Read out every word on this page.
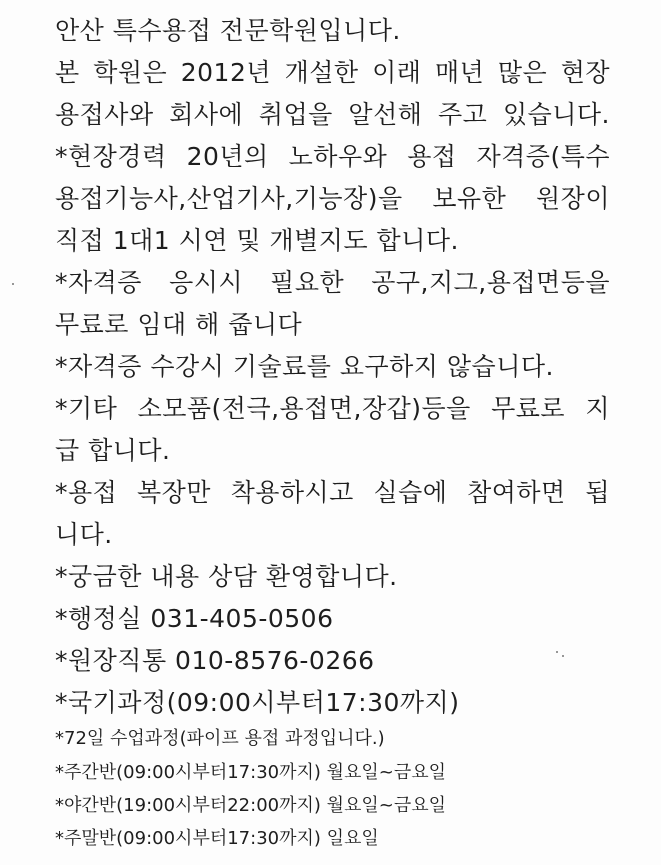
안산 특수용접 전문학원입니다.
본 학원은 2012년 개설한 이래 매년 많은 현장
용접사와 회사에 취업을 알선해 주고 있습니다.
*현장경력 20년의 노하우와 용접 자격증(특수
용접기능사,산업기사,기능장)을 보유한 원장이
직접 1대1 시연 및 개별지도 합니다.
*자격증 응시시 필요한 공구,지그,용접면등을
무료로 임대 해 줍니다
*자격증 수강시 기술료를 요구하지 않습니다.
*기타 소모품(전극,용접면,장갑)등을 무료로 지
급 합니다.
*용접 복장만 착용하시고 실습에 참여하면 됩
니다.
*궁금한 내용 상담 환영합니다.
*행정실 031-405-0506
*원장직통 010-8576-0266
*국기과정(09:00시부터17:30까지)
*72일 수업과정(파이프 용접 과정입니다.)
*주간반(09:00시부터17:30까지) 월요일~금요일
*야간반(19:00시부터22:00까지) 월요일~금요일
*주말반(09:00시부터17:30까지) 일요일
